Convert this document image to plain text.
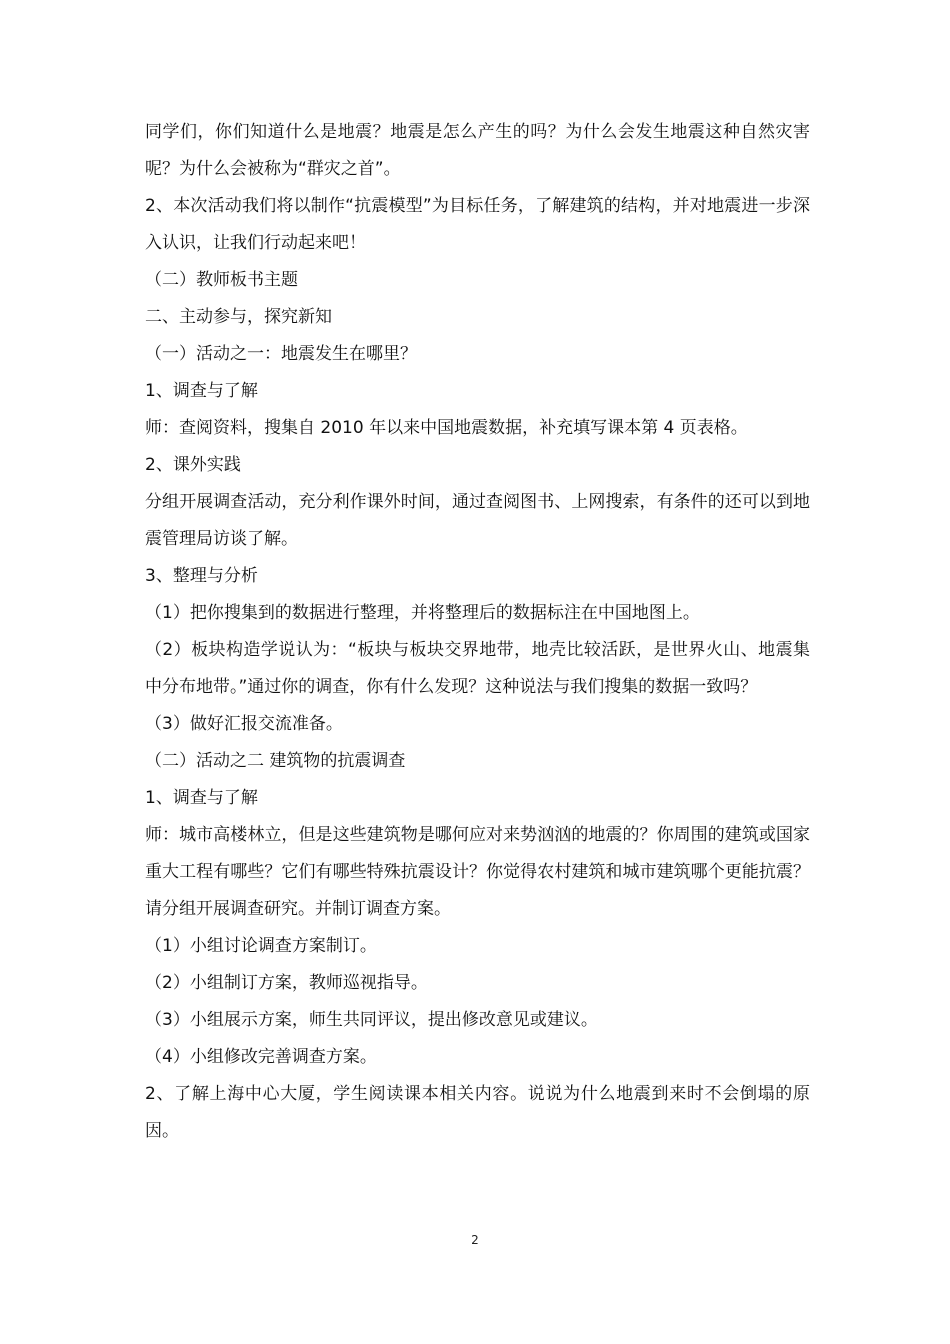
同学们，你们知道什么是地震？地震是怎么产生的吗？为什么会发生地震这种自然灾害呢？为什么会被称为“群灾之首”。

2、本次活动我们将以制作“抗震模型”为目标任务，了解建筑的结构，并对地震进一步深入认识，让我们行动起来吧！

（二）教师板书主题

二、主动参与，探究新知

（一）活动之一：地震发生在哪里？

1、调查与了解

师：查阅资料，搜集自 2010 年以来中国地震数据，补充填写课本第 4 页表格。

2、课外实践

分组开展调查活动，充分利作课外时间，通过查阅图书、上网搜索，有条件的还可以到地震管理局访谈了解。

3、整理与分析

（1）把你搜集到的数据进行整理，并将整理后的数据标注在中国地图上。

（2）板块构造学说认为：“板块与板块交界地带，地壳比较活跃，是世界火山、地震集中分布地带。”通过你的调查，你有什么发现？这种说法与我们搜集的数据一致吗？

（3）做好汇报交流准备。

（二）活动之二 建筑物的抗震调查

1、调查与了解

师：城市高楼林立，但是这些建筑物是哪何应对来势汹汹的地震的？你周围的建筑或国家重大工程有哪些？它们有哪些特殊抗震设计？你觉得农村建筑和城市建筑哪个更能抗震？请分组开展调查研究。并制订调查方案。

（1）小组讨论调查方案制订。

（2）小组制订方案，教师巡视指导。

（3）小组展示方案，师生共同评议，提出修改意见或建议。

（4）小组修改完善调查方案。

2、了解上海中心大厦，学生阅读课本相关内容。说说为什么地震到来时不会倒塌的原因。

2
